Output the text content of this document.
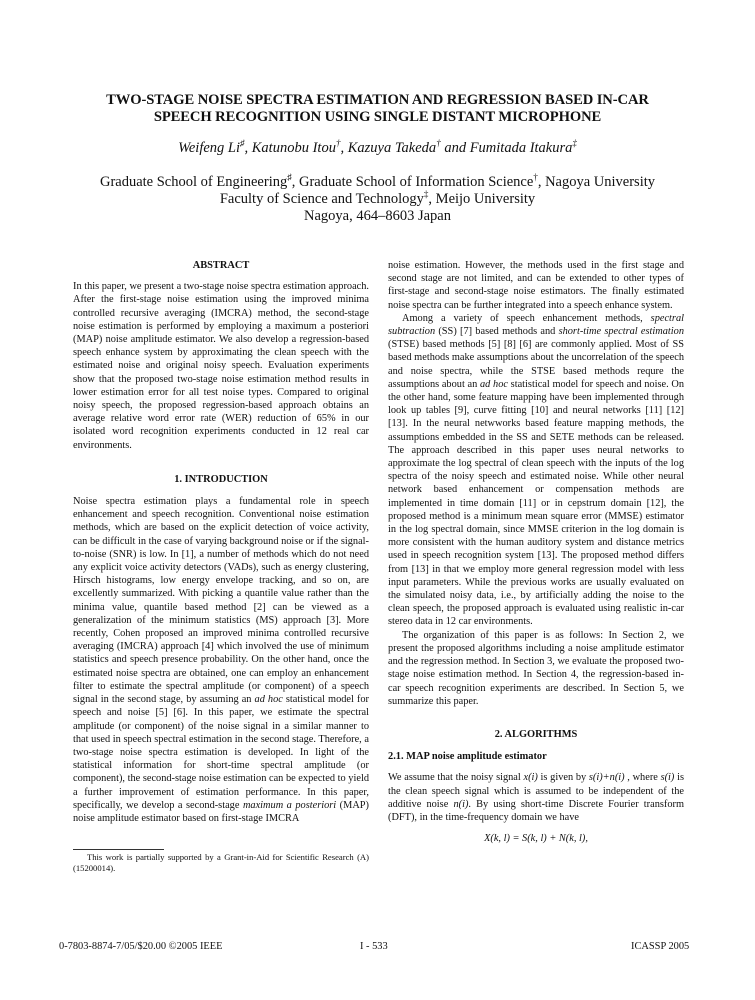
TWO-STAGE NOISE SPECTRA ESTIMATION AND REGRESSION BASED IN-CAR
SPEECH RECOGNITION USING SINGLE DISTANT MICROPHONE
Weifeng Li♯, Katunobu Itou†, Kazuya Takeda† and Fumitada Itakura‡
Graduate School of Engineering♯, Graduate School of Information Science†, Nagoya University
Faculty of Science and Technology‡, Meijo University
Nagoya, 464–8603 Japan

ABSTRACT

In this paper, we present a two-stage noise spectra estimation approach. After the first-stage noise estimation using the improved minima controlled recursive averaging (IMCRA) method, the second-stage noise estimation is performed by employing a maximum a posteriori (MAP) noise amplitude estimator. We also develop a regression-based speech enhance system by approximating the clean speech with the estimated noise and original noisy speech. Evaluation experiments show that the proposed two-stage noise estimation method results in lower estimation error for all test noise types. Compared to original noisy speech, the proposed regression-based approach obtains an average relative word error rate (WER) reduction of 65% in our isolated word recognition experiments conducted in 12 real car environments.

1. INTRODUCTION

Noise spectra estimation plays a fundamental role in speech enhancement and speech recognition. Conventional noise estimation methods, which are based on the explicit detection of voice activity, can be difficult in the case of varying background noise or if the signal-to-noise (SNR) is low. In [1], a number of methods which do not need any explicit voice activity detectors (VADs), such as energy clustering, Hirsch histograms, low energy envelope tracking, and so on, are excellently summarized. With picking a quantile value rather than the minima value, quantile based method [2] can be viewed as a generalization of the minimum statistics (MS) approach [3]. More recently, Cohen proposed an improved minima controlled recursive averaging (IMCRA) approach [4] which involved the use of minimum statistics and speech presence probability. On the other hand, once the estimated noise spectra are obtained, one can employ an enhancement filter to estimate the spectral amplitude (or component) of a speech signal in the second stage, by assuming an ad hoc statistical model for speech and noise [5] [6]. In this paper, we estimate the spectral amplitude (or component) of the noise signal in a similar manner to that used in speech spectral estimation in the second stage. Therefore, a two-stage noise spectra estimation is developed. In light of the statistical information for short-time spectral amplitude (or component), the second-stage noise estimation can be expected to yield a further improvement of estimation performance. In this paper, specifically, we develop a second-stage maximum a posteriori (MAP) noise amplitude estimator based on first-stage IMCRA

This work is partially supported by a Grant-in-Aid for Scientific Research (A) (15200014).

noise estimation. However, the methods used in the first stage and second stage are not limited, and can be extended to other types of first-stage and second-stage noise estimators. The finally estimated noise spectra can be further integrated into a speech enhance system.

Among a variety of speech enhancement methods, spectral subtraction (SS) [7] based methods and short-time spectral estimation (STSE) based methods [5] [8] [6] are commonly applied. Most of SS based methods make assumptions about the uncorrelation of the speech and noise spectra, while the STSE based methods requre the assumptions about an ad hoc statistical model for speech and noise. On the other hand, some feature mapping have been implemented through look up tables [9], curve fitting [10] and neural networks [11] [12] [13]. In the neural netwworks based feature mapping methods, the assumptions embedded in the SS and SETE methods can be released. The approach described in this paper uses neural networks to approximate the log spectral of clean speech with the inputs of the log spectra of the noisy speech and estimated noise. While other neural network based enhancement or compensation methods are implemented in time domain [11] or in cepstrum domain [12], the proposed method is a minimum mean square error (MMSE) estimator in the log spectral domain, since MMSE criterion in the log domain is more consistent with the human auditory system and distance metrics used in speech recognition system [13]. The proposed method differs from [13] in that we employ more general regression model with less input parameters. While the previous works are usually evaluated on the simulated noisy data, i.e., by artificially adding the noise to the clean speech, the proposed approach is evaluated using realistic in-car stereo data in 12 car environments.

The organization of this paper is as follows: In Section 2, we present the proposed algorithms including a noise amplitude estimator and the regression method. In Section 3, we evaluate the proposed two-stage noise estimation method. In Section 4, the regression-based in-car speech recognition experiments are described. In Section 5, we summarize this paper.

2. ALGORITHMS

2.1. MAP noise amplitude estimator

We assume that the noisy signal x(i) is given by s(i)+n(i) , where s(i) is the clean speech signal which is assumed to be independent of the additive noise n(i). By using short-time Discrete Fourier transform (DFT), in the time-frequency domain we have

X(k, l) = S(k, l) + N(k, l),

0-7803-8874-7/05/$20.00 ©2005 IEEE	I - 533	ICASSP 2005
